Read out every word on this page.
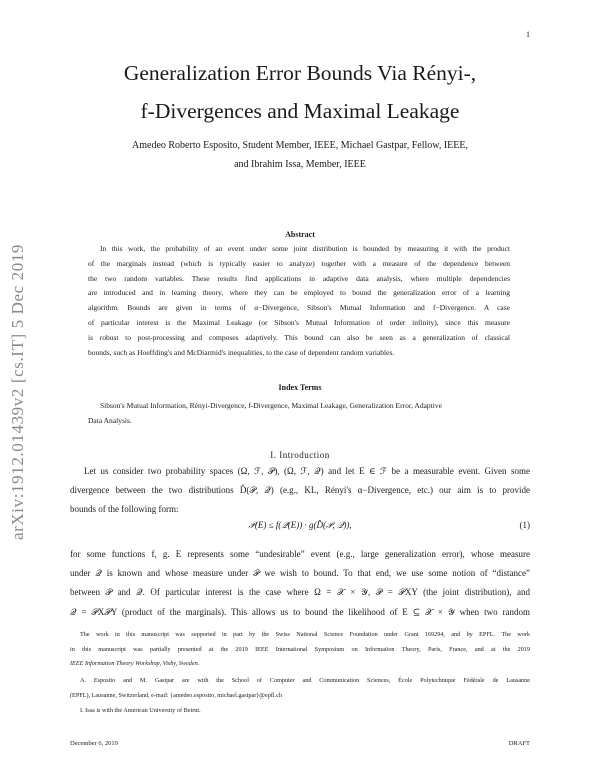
1
arXiv:1912.01439v2 [cs.IT] 5 Dec 2019
Generalization Error Bounds Via Rényi-,
f-Divergences and Maximal Leakage
Amedeo Roberto Esposito, Student Member, IEEE, Michael Gastpar, Fellow, IEEE,
and Ibrahim Issa, Member, IEEE
Abstract
In this work, the probability of an event under some joint distribution is bounded by measuring it with the product
of the marginals instead (which is typically easier to analyze) together with a measure of the dependence between
the two random variables. These results find applications in adaptive data analysis, where multiple dependencies
are introduced and in learning theory, where they can be employed to bound the generalization error of a learning
algorithm. Bounds are given in terms of α−Divergence, Sibson's Mutual Information and f−Divergence. A case
of particular interest is the Maximal Leakage (or Sibson's Mutual Information of order infinity), since this measure
is robust to post-processing and composes adaptively. This bound can also be seen as a generalization of classical
bounds, such as Hoeffding's and McDiarmid's inequalities, to the case of dependent random variables.
Index Terms
Sibson's Mutual Information, Rényi-Divergence, f-Divergence, Maximal Leakage, Generalization Error, Adaptive
Data Analysis.
I. Introduction
Let us consider two probability spaces (Ω, ℱ, 𝒫), (Ω, ℱ, 𝒬) and let E ∈ ℱ be a measurable event. Given some
divergence between the two distributions D̂(𝒫, 𝒬) (e.g., KL, Rényi's α−Divergence, etc.) our aim is to provide
bounds of the following form:
𝒫(E) ≤ f(𝒬(E)) · g(D̂(𝒫, 𝒬)),	(1)
for some functions f, g. E represents some “undesirable” event (e.g., large generalization error), whose measure
under 𝒬 is known and whose measure under 𝒫 we wish to bound. To that end, we use some notion of “distance”
between 𝒫 and 𝒬. Of particular interest is the case where Ω = 𝒳 × 𝒴, 𝒫 = 𝒫XY (the joint distribution), and
𝒬 = 𝒫X𝒫Y (product of the marginals). This allows us to bound the likelihood of E ⊆ 𝒳 × 𝒴 when two random
The work in this manuscript was supported in part by the Swiss National Science Foundation under Grant 169294, and by EPFL. The work
in this manuscript was partially presented at the 2019 IEEE International Symposium on Information Theory, Paris, France, and at the 2019
IEEE Information Theory Workshop, Visby, Sweden.
A. Esposito and M. Gastpar are with the School of Computer and Communication Sciences, École Polytechnique Fédérale de Lausanne
(EPFL), Lausanne, Switzerland, e-mail: {amedeo.esposito, michael.gastpar}@epfl.ch
I. Issa is with the American University of Beirut.
December 6, 2019	DRAFT
